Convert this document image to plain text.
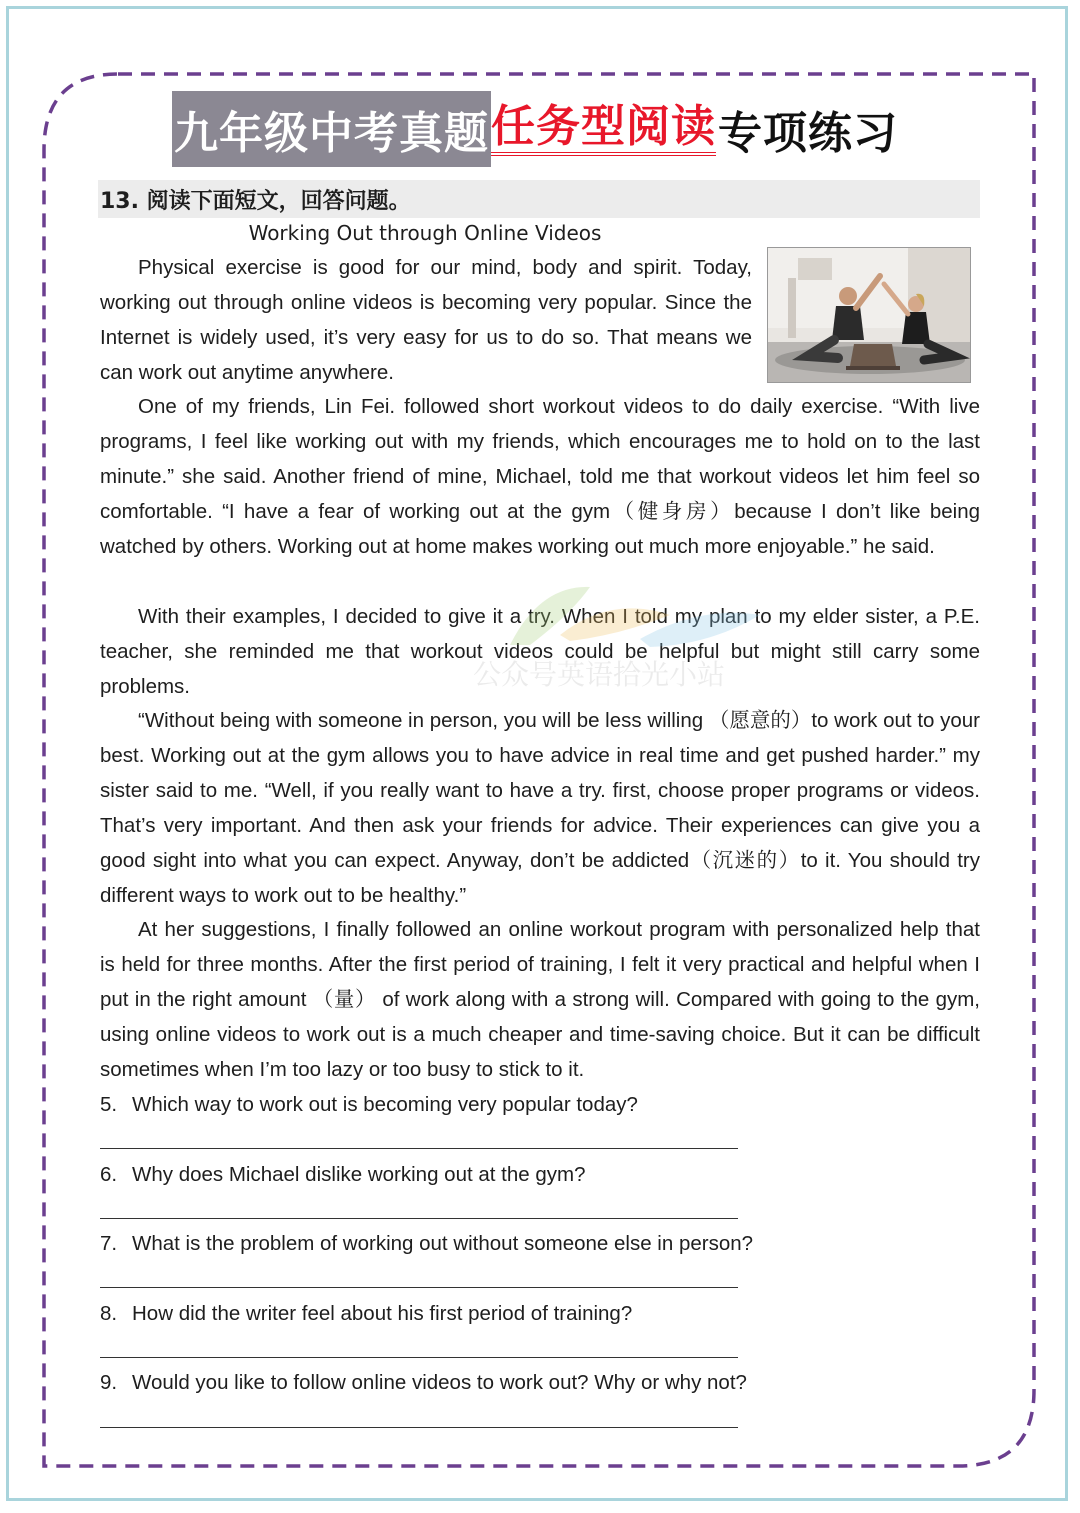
九年级中考真题 任务型阅读 专项练习
13. 阅读下面短文，回答问题。
Working Out through Online Videos
Physical exercise is good for our mind, body and spirit. Today, working out through online videos is becoming very popular. Since the Internet is widely used, it’s very easy for us to do so. That means we can work out anytime anywhere.
One of my friends, Lin Fei. followed short workout videos to do daily exercise. “With live programs, I feel like working out with my friends, which encourages me to hold on to the last minute.” she said. Another friend of mine, Michael, told me that workout videos let him feel so comfortable. “I have a fear of working out at the gym（健身房）because I don’t like being watched by others. Working out at home makes working out much more enjoyable.” he said.
With their examples, I decided to give it a try. When I told my plan to my elder sister, a P.E. teacher, she reminded me that workout videos could be helpful but might still carry some problems.
“Without being with someone in person, you will be less willing （愿意的）to work out to your best. Working out at the gym allows you to have advice in real time and get pushed harder.” my sister said to me. “Well, if you really want to have a try. first, choose proper programs or videos. That’s very important. And then ask your friends for advice. Their experiences can give you a good sight into what you can expect. Anyway, don’t be addicted（沉迷的）to it. You should try different ways to work out to be healthy.”
At her suggestions, I finally followed an online workout program with personalized help that is held for three months. After the first period of training, I felt it very practical and helpful when I put in the right amount （量） of work along with a strong will. Compared with going to the gym, using online videos to work out is a much cheaper and time-saving choice. But it can be difficult sometimes when I’m too lazy or too busy to stick to it.
5. Which way to work out is becoming very popular today?
6. Why does Michael dislike working out at the gym?
7. What is the problem of working out without someone else in person?
8. How did the writer feel about his first period of training?
9. Would you like to follow online videos to work out? Why or why not?
公众号英语拾光小站
